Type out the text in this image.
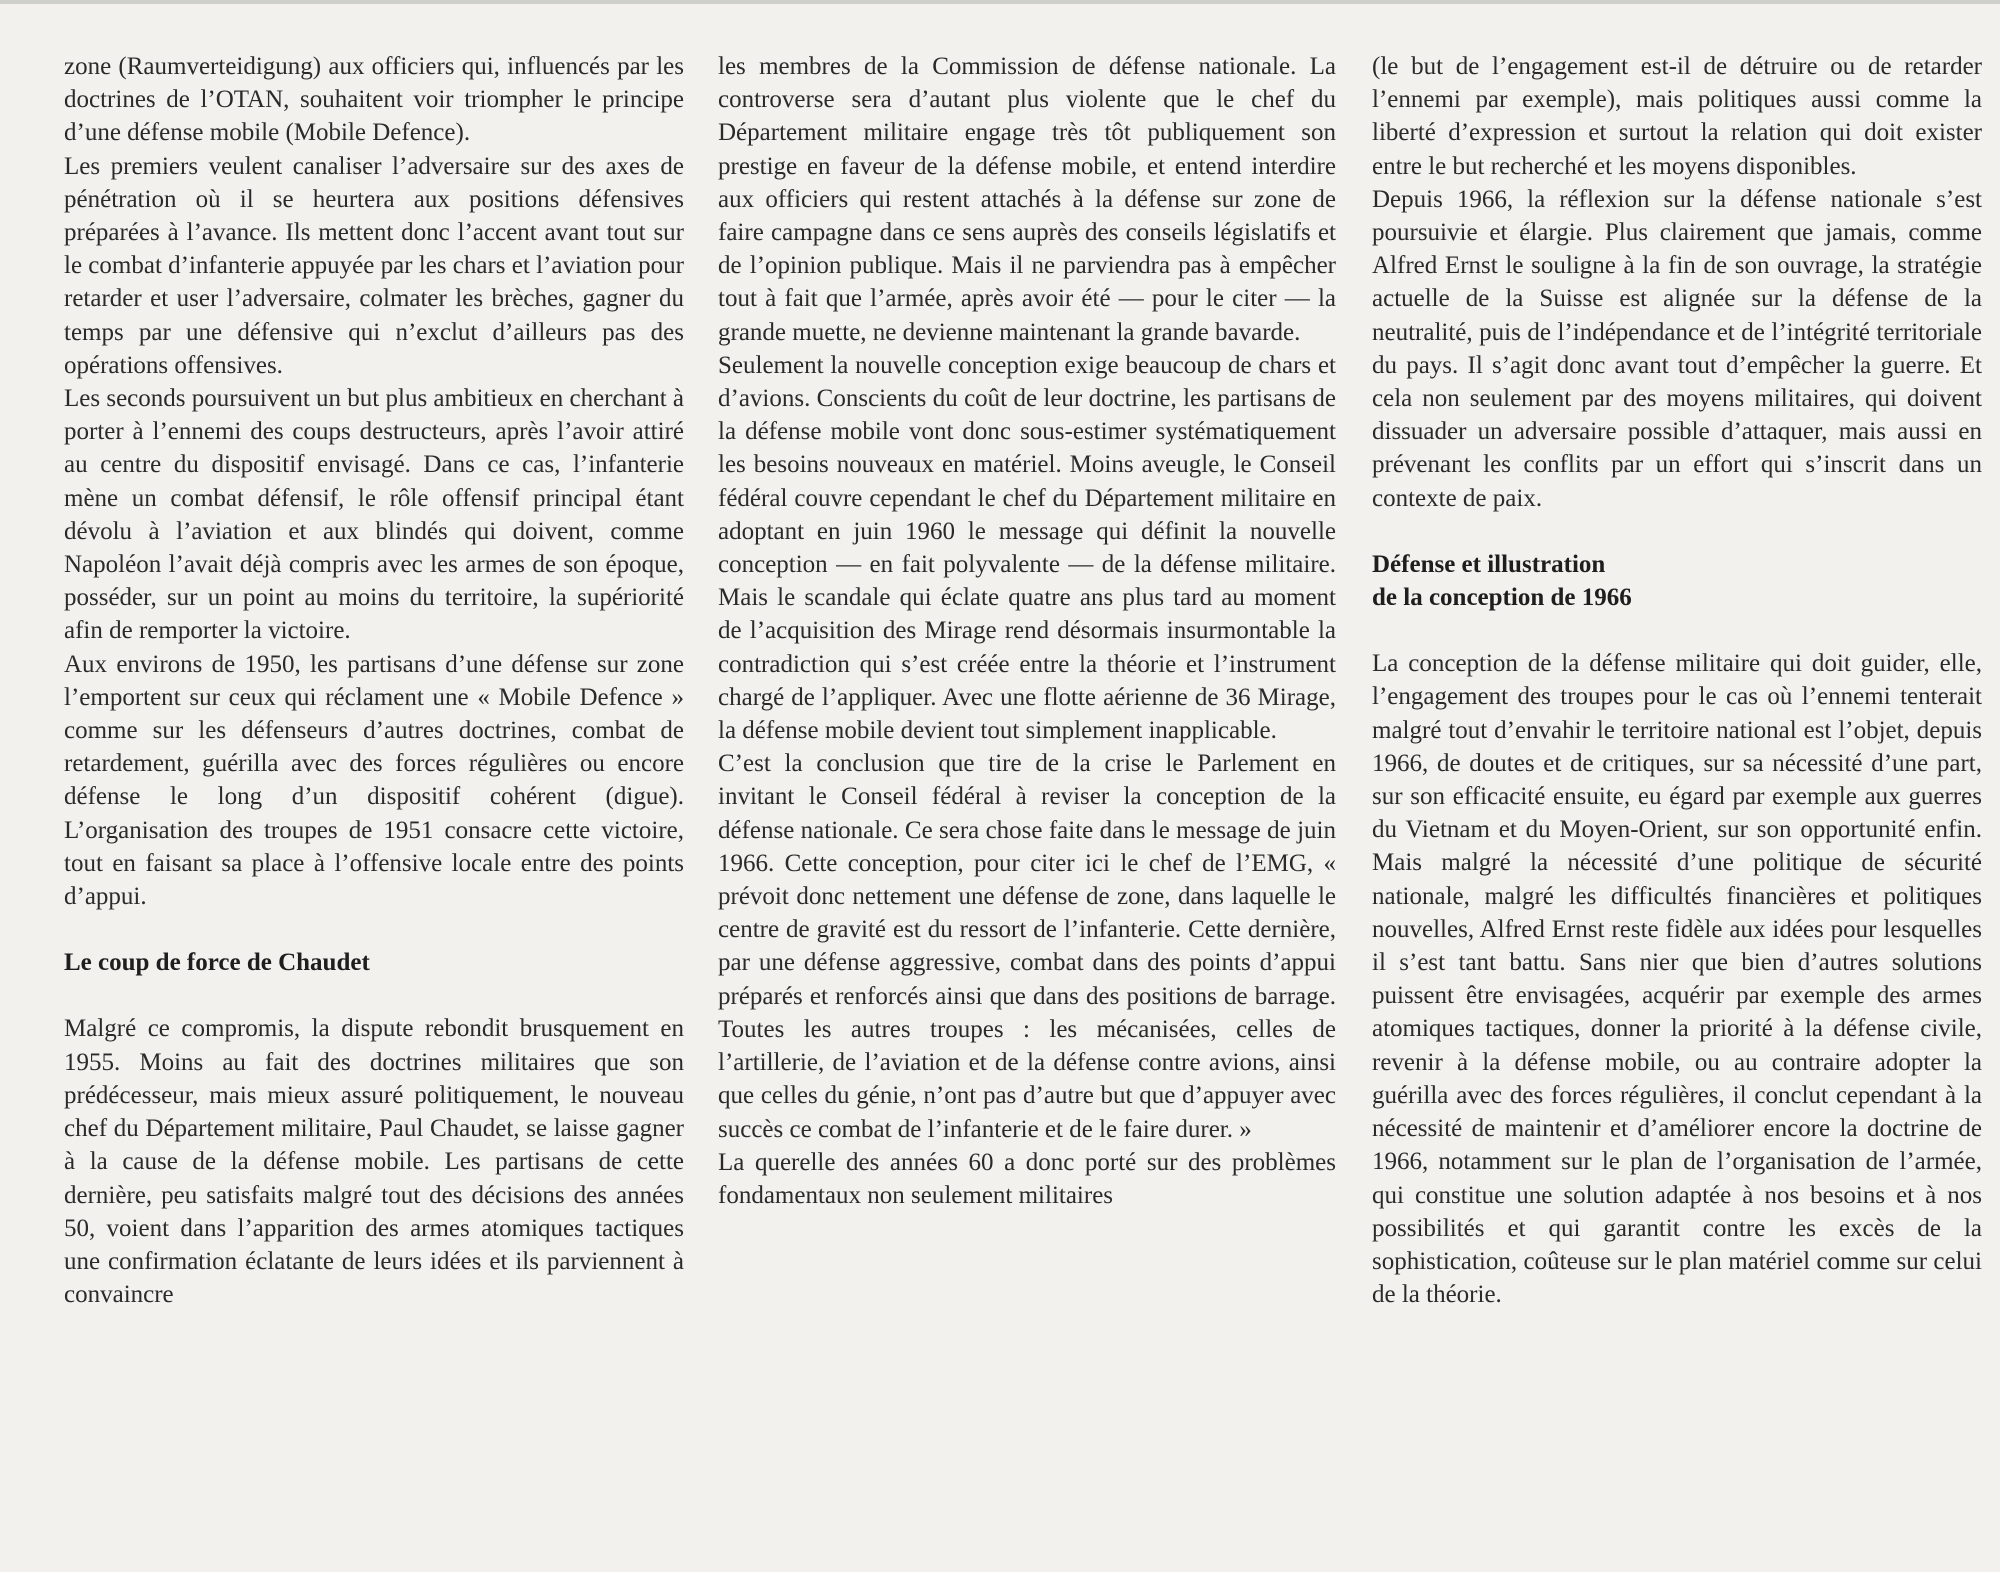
zone (Raumverteidigung) aux officiers qui, influencés par les doctrines de l’OTAN, souhaitent voir triompher le principe d’une défense mobile (Mobile Defence).

Les premiers veulent canaliser l’adversaire sur des axes de pénétration où il se heurtera aux positions défensives préparées à l’avance. Ils mettent donc l’accent avant tout sur le combat d’infanterie appuyée par les chars et l’aviation pour retarder et user l’adversaire, colmater les brèches, gagner du temps par une défensive qui n’exclut d’ailleurs pas des opérations offensives.

Les seconds poursuivent un but plus ambitieux en cherchant à porter à l’ennemi des coups destructeurs, après l’avoir attiré au centre du dispositif envisagé. Dans ce cas, l’infanterie mène un combat défensif, le rôle offensif principal étant dévolu à l’aviation et aux blindés qui doivent, comme Napoléon l’avait déjà compris avec les armes de son époque, posséder, sur un point au moins du territoire, la supériorité afin de remporter la victoire.

Aux environs de 1950, les partisans d’une défense sur zone l’emportent sur ceux qui réclament une « Mobile Defence » comme sur les défenseurs d’autres doctrines, combat de retardement, guérilla avec des forces régulières ou encore défense le long d’un dispositif cohérent (digue). L’organisation des troupes de 1951 consacre cette victoire, tout en faisant sa place à l’offensive locale entre des points d’appui.

Le coup de force de Chaudet

Malgré ce compromis, la dispute rebondit brusquement en 1955. Moins au fait des doctrines militaires que son prédécesseur, mais mieux assuré politiquement, le nouveau chef du Département militaire, Paul Chaudet, se laisse gagner à la cause de la défense mobile. Les partisans de cette dernière, peu satisfaits malgré tout des décisions des années 50, voient dans l’apparition des armes atomiques tactiques une confirmation éclatante de leurs idées et ils parviennent à convaincre

les membres de la Commission de défense nationale. La controverse sera d’autant plus violente que le chef du Département militaire engage très tôt publiquement son prestige en faveur de la défense mobile, et entend interdire aux officiers qui restent attachés à la défense sur zone de faire campagne dans ce sens auprès des conseils législatifs et de l’opinion publique. Mais il ne parviendra pas à empêcher tout à fait que l’armée, après avoir été — pour le citer — la grande muette, ne devienne maintenant la grande bavarde.

Seulement la nouvelle conception exige beaucoup de chars et d’avions. Conscients du coût de leur doctrine, les partisans de la défense mobile vont donc sous-estimer systématiquement les besoins nouveaux en matériel. Moins aveugle, le Conseil fédéral couvre cependant le chef du Département militaire en adoptant en juin 1960 le message qui définit la nouvelle conception — en fait polyvalente — de la défense militaire. Mais le scandale qui éclate quatre ans plus tard au moment de l’acquisition des Mirage rend désormais insurmontable la contradiction qui s’est créée entre la théorie et l’instrument chargé de l’appliquer. Avec une flotte aérienne de 36 Mirage, la défense mobile devient tout simplement inapplicable.

C’est la conclusion que tire de la crise le Parlement en invitant le Conseil fédéral à reviser la conception de la défense nationale. Ce sera chose faite dans le message de juin 1966. Cette conception, pour citer ici le chef de l’EMG, « prévoit donc nettement une défense de zone, dans laquelle le centre de gravité est du ressort de l’infanterie. Cette dernière, par une défense aggressive, combat dans des points d’appui préparés et renforcés ainsi que dans des positions de barrage. Toutes les autres troupes : les mécanisées, celles de l’artillerie, de l’aviation et de la défense contre avions, ainsi que celles du génie, n’ont pas d’autre but que d’appuyer avec succès ce combat de l’infanterie et de le faire durer. »

La querelle des années 60 a donc porté sur des problèmes fondamentaux non seulement militaires

(le but de l’engagement est-il de détruire ou de retarder l’ennemi par exemple), mais politiques aussi comme la liberté d’expression et surtout la relation qui doit exister entre le but recherché et les moyens disponibles.

Depuis 1966, la réflexion sur la défense nationale s’est poursuivie et élargie. Plus clairement que jamais, comme Alfred Ernst le souligne à la fin de son ouvrage, la stratégie actuelle de la Suisse est alignée sur la défense de la neutralité, puis de l’indépendance et de l’intégrité territoriale du pays. Il s’agit donc avant tout d’empêcher la guerre. Et cela non seulement par des moyens militaires, qui doivent dissuader un adversaire possible d’attaquer, mais aussi en prévenant les conflits par un effort qui s’inscrit dans un contexte de paix.

Défense et illustration
de la conception de 1966

La conception de la défense militaire qui doit guider, elle, l’engagement des troupes pour le cas où l’ennemi tenterait malgré tout d’envahir le territoire national est l’objet, depuis 1966, de doutes et de critiques, sur sa nécessité d’une part, sur son efficacité ensuite, eu égard par exemple aux guerres du Vietnam et du Moyen-Orient, sur son opportunité enfin. Mais malgré la nécessité d’une politique de sécurité nationale, malgré les difficultés financières et politiques nouvelles, Alfred Ernst reste fidèle aux idées pour lesquelles il s’est tant battu. Sans nier que bien d’autres solutions puissent être envisagées, acquérir par exemple des armes atomiques tactiques, donner la priorité à la défense civile, revenir à la défense mobile, ou au contraire adopter la guérilla avec des forces régulières, il conclut cependant à la nécessité de maintenir et d’améliorer encore la doctrine de 1966, notamment sur le plan de l’organisation de l’armée, qui constitue une solution adaptée à nos besoins et à nos possibilités et qui garantit contre les excès de la sophistication, coûteuse sur le plan matériel comme sur celui de la théorie.
